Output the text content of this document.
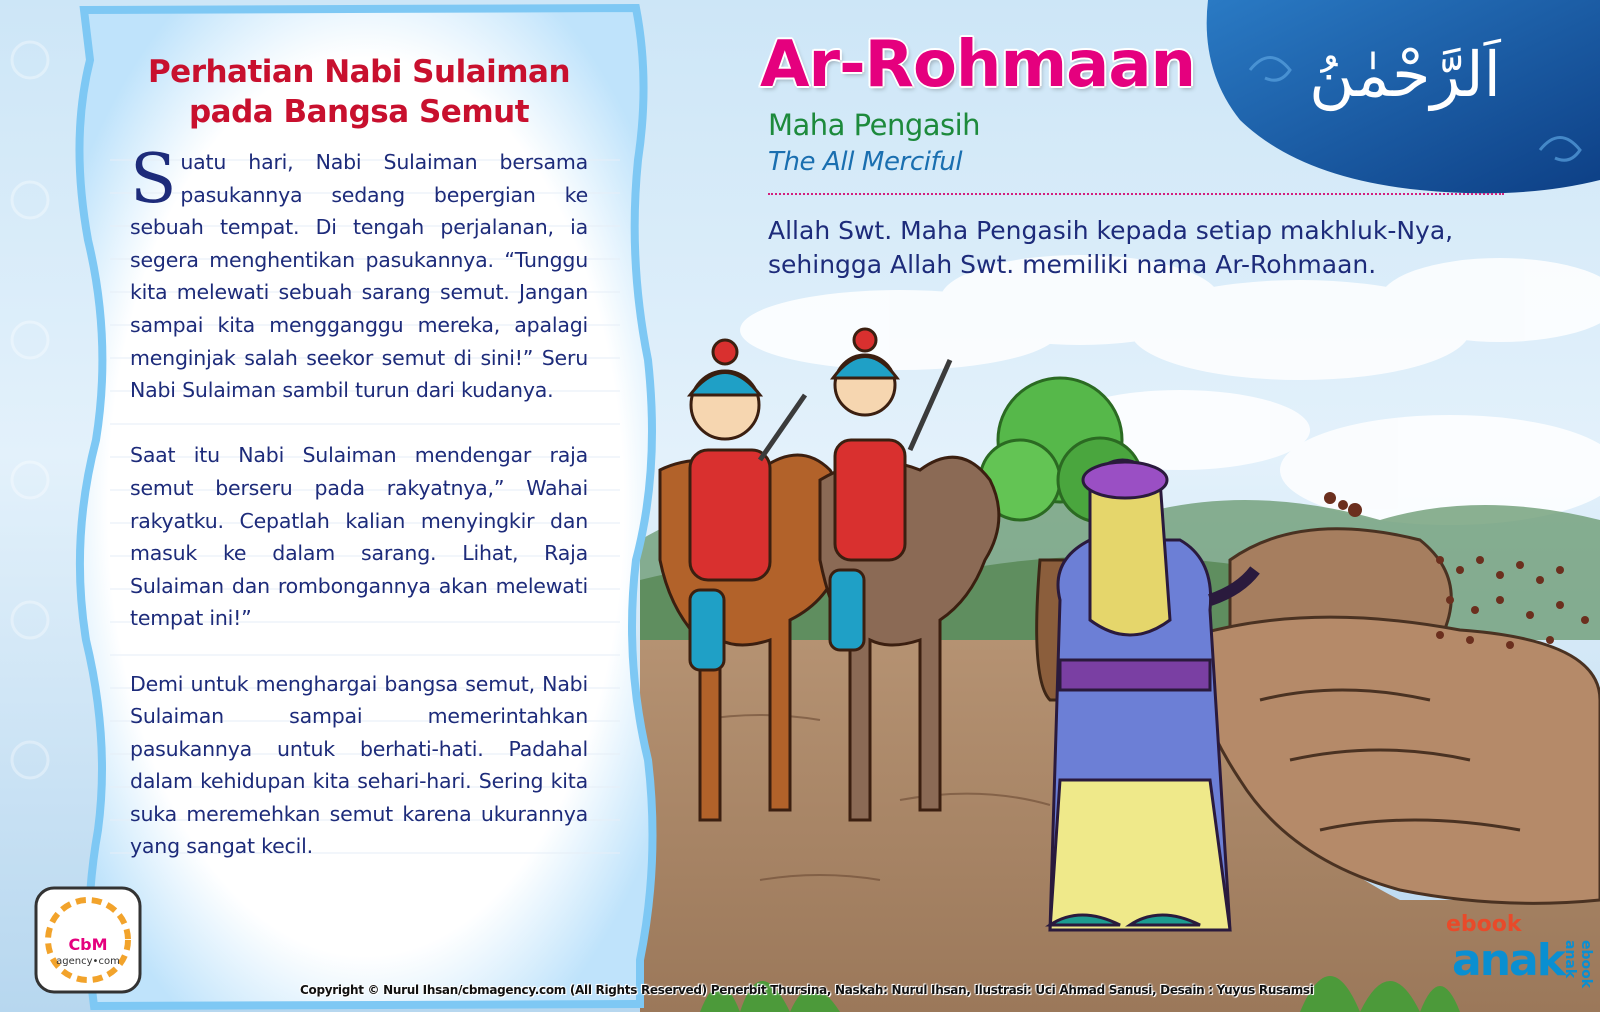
Perhatian Nabi Sulaiman
pada Bangsa Semut

Suatu hari, Nabi Sulaiman bersama pasukannya sedang bepergian ke sebuah tempat. Di tengah perjalanan, ia segera menghentikan pasukannya. “Tunggu kita melewati sebuah sarang semut. Jangan sampai kita mengganggu mereka, apalagi menginjak salah seekor semut di sini!” Seru Nabi Sulaiman sambil turun dari kudanya.

Saat itu Nabi Sulaiman mendengar raja semut berseru pada rakyatnya,” Wahai rakyatku. Cepatlah kalian menyingkir dan masuk ke dalam sarang. Lihat, Raja Sulaiman dan rombongannya akan melewati tempat ini!”

Demi untuk menghargai bangsa semut, Nabi Sulaiman sampai memerintahkan pasukannya untuk berhati-hati. Padahal dalam kehidupan kita sehari-hari. Sering kita suka meremehkan semut karena ukurannya yang sangat kecil.

Ar-Rohmaan

Maha Pengasih

The All Merciful

Allah Swt. Maha Pengasih kepada setiap makhluk-Nya, sehingga Allah Swt. memiliki nama Ar-Rohmaan.

اَلرَّحْمٰنُ

CbM
agency•com
ebook
anak	ebook anak
Copyright © Nurul Ihsan/cbmagency.com (All Rights Reserved) Penerbit Thursina, Naskah: Nurul Ihsan, Ilustrasi: Uci Ahmad Sanusi, Desain : Yuyus Rusamsi
